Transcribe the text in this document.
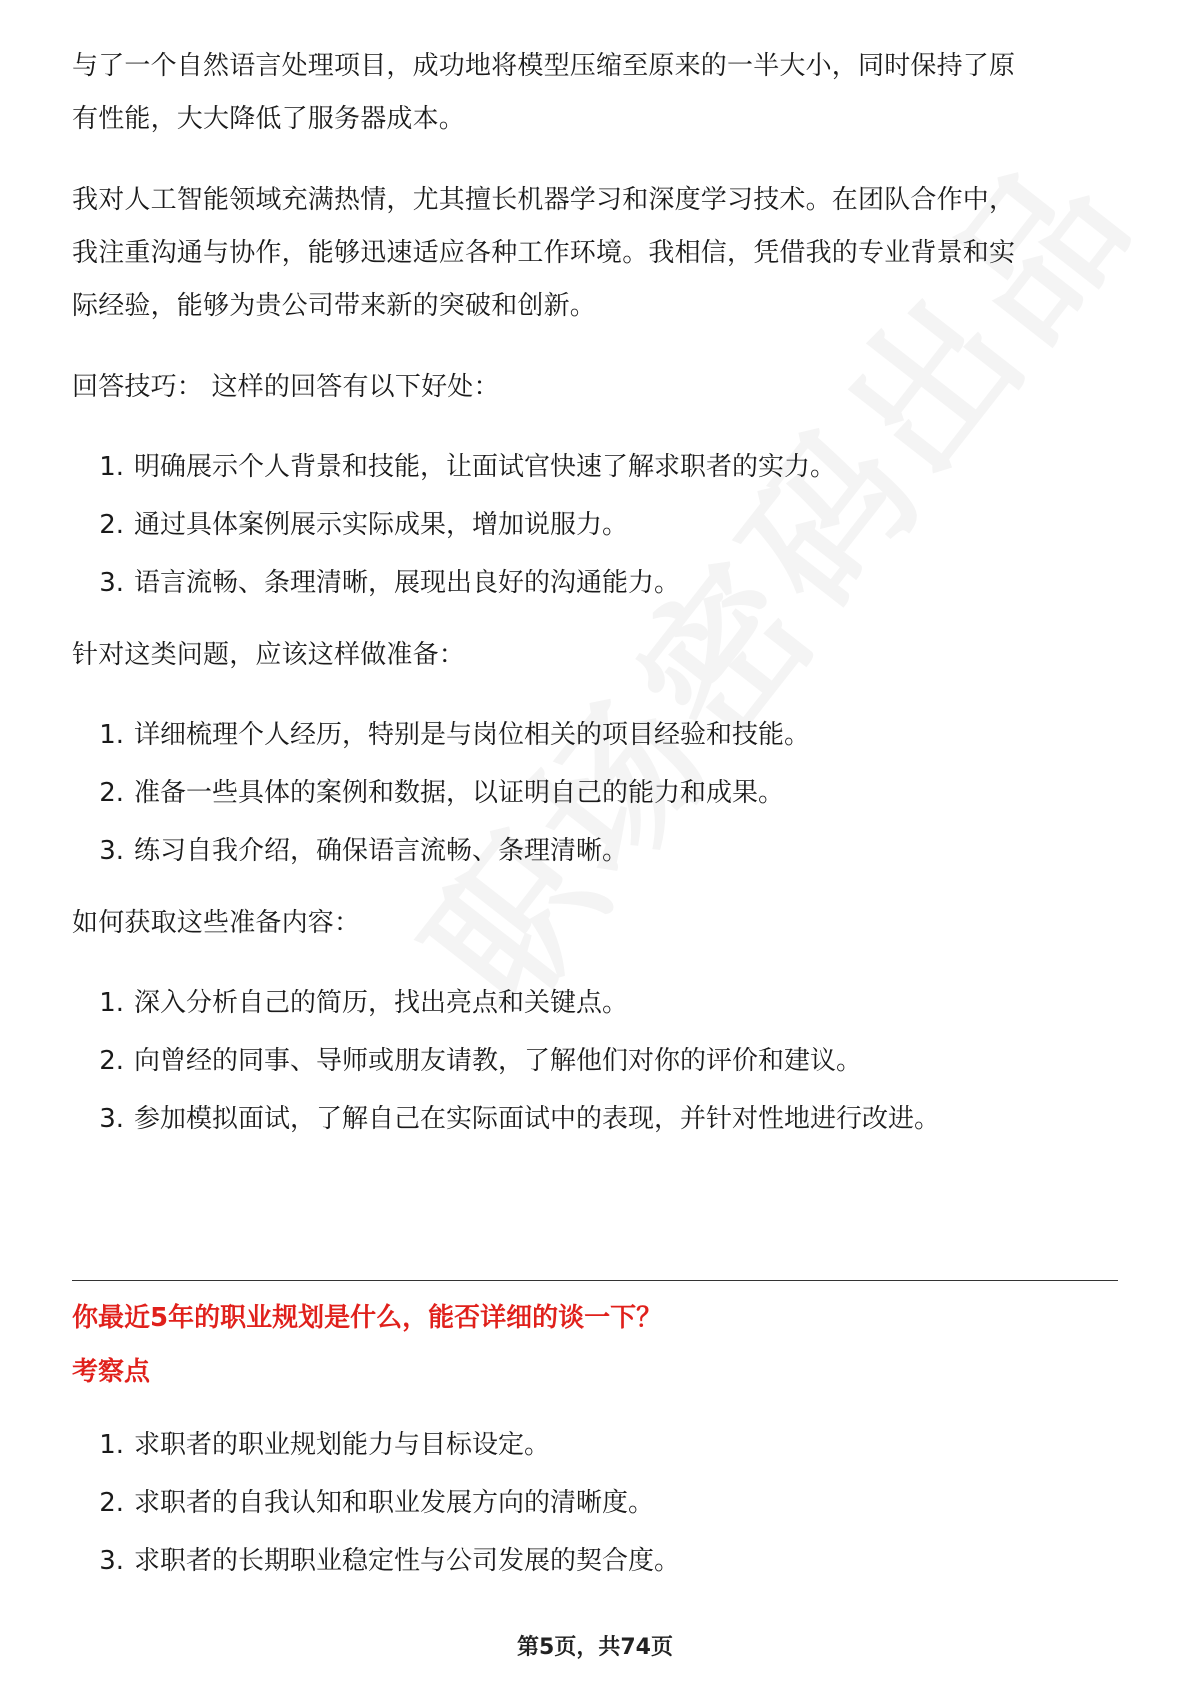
与了一个自然语言处理项目，成功地将模型压缩至原来的一半大小，同时保持了原

有性能，大大降低了服务器成本。

我对人工智能领域充满热情，尤其擅长机器学习和深度学习技术。在团队合作中，

我注重沟通与协作，能够迅速适应各种工作环境。我相信，凭借我的专业背景和实

际经验，能够为贵公司带来新的突破和创新。

回答技巧： 这样的回答有以下好处：

1. 明确展示个人背景和技能，让面试官快速了解求职者的实力。
2. 通过具体案例展示实际成果，增加说服力。
3. 语言流畅、条理清晰，展现出良好的沟通能力。

针对这类问题，应该这样做准备：

1. 详细梳理个人经历，特别是与岗位相关的项目经验和技能。
2. 准备一些具体的案例和数据，以证明自己的能力和成果。
3. 练习自我介绍，确保语言流畅、条理清晰。

如何获取这些准备内容：

1. 深入分析自己的简历，找出亮点和关键点。
2. 向曾经的同事、导师或朋友请教，了解他们对你的评价和建议。
3. 参加模拟面试，了解自己在实际面试中的表现，并针对性地进行改进。

你最近5年的职业规划是什么，能否详细的谈一下？

考察点

1. 求职者的职业规划能力与目标设定。
2. 求职者的自我认知和职业发展方向的清晰度。
3. 求职者的长期职业稳定性与公司发展的契合度。
第5页，共74页
